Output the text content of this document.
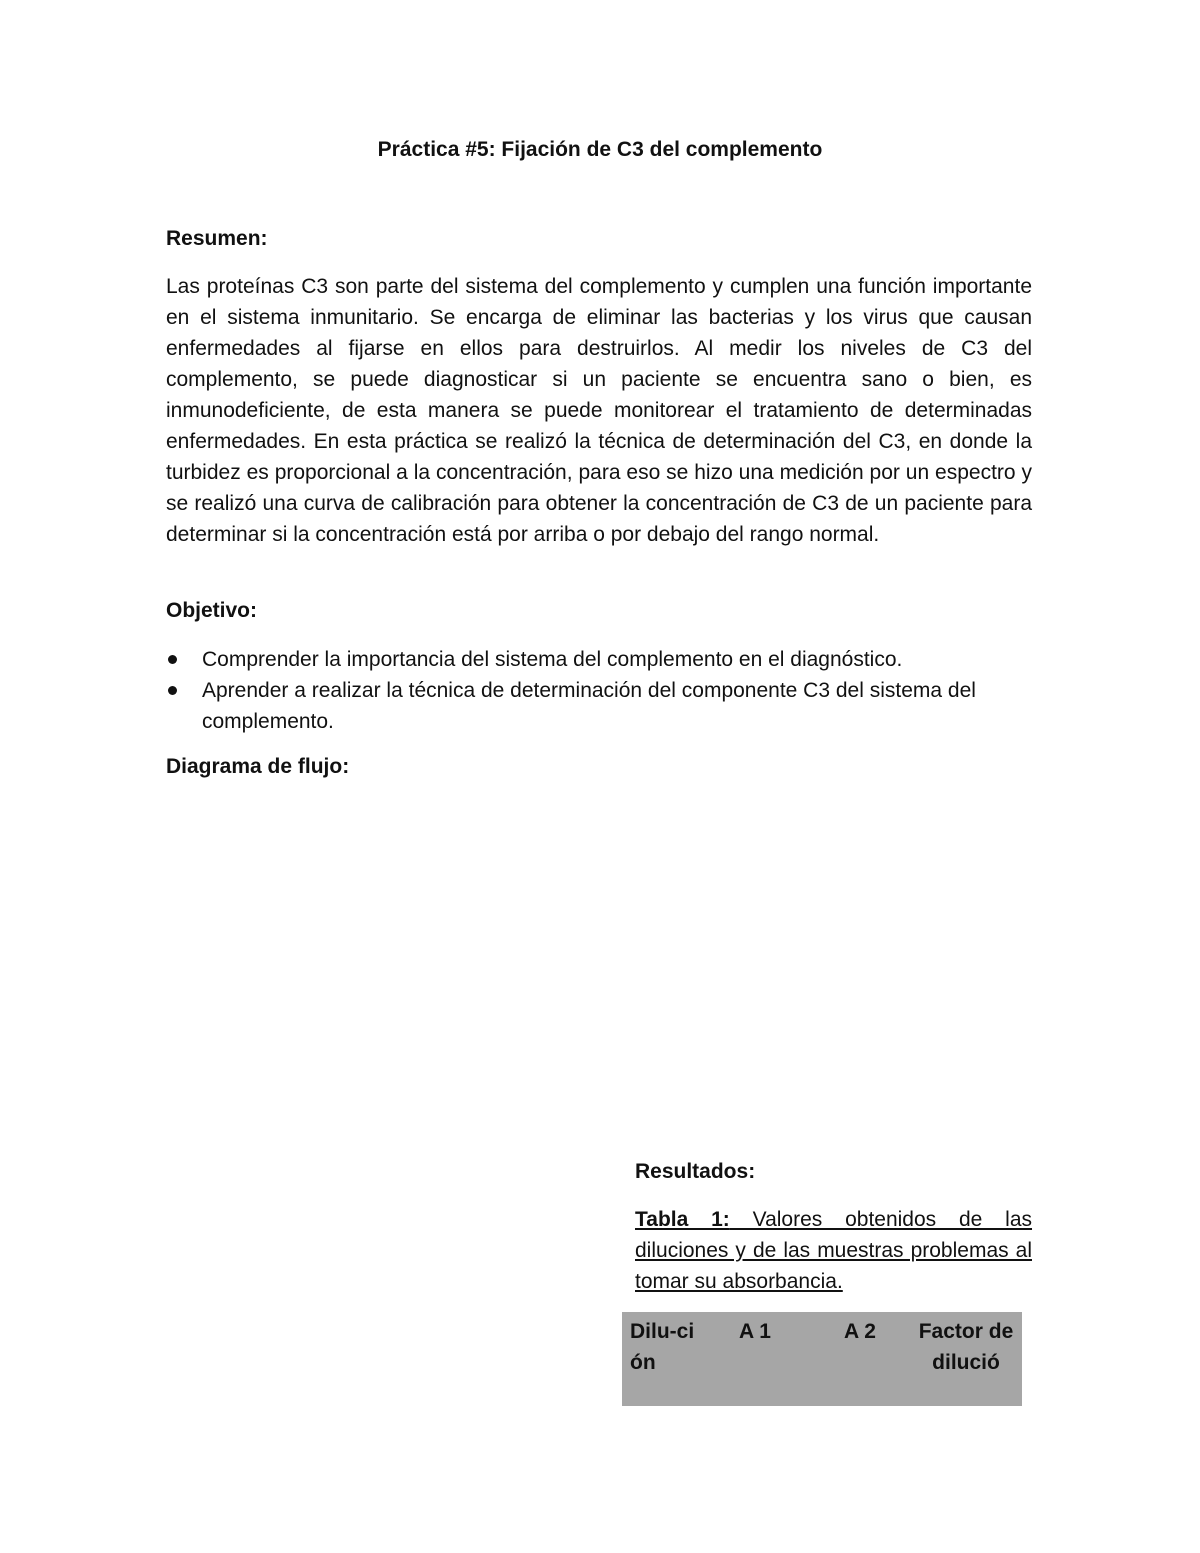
Práctica #5: Fijación de C3 del complemento
Resumen:

Las proteínas C3 son parte del sistema del complemento y cumplen una función importante en el sistema inmunitario. Se encarga de eliminar las bacterias y los virus que causan enfermedades al fijarse en ellos para destruirlos. Al medir los niveles de C3 del complemento, se puede diagnosticar si un paciente se encuentra sano o bien, es inmunodeficiente, de esta manera se puede monitorear el tratamiento de determinadas enfermedades. En esta práctica se realizó la técnica de determinación del C3, en donde la turbidez es proporcional a la concentración, para eso se hizo una medición por un espectro y se realizó una curva de calibración para obtener la concentración de C3 de un paciente para determinar si la concentración está por arriba o por debajo del rango normal.

Objetivo:
Comprender la importancia del sistema del complemento en el diagnóstico.
Aprender a realizar la técnica de determinación del componente C3 del sistema del complemento.
Diagrama de flujo:
Resultados:

Tabla 1: Valores obtenidos de las diluciones y de las muestras problemas al tomar su absorbancia.

Dilu-ción
A 1	A 2	Factor de dilució
